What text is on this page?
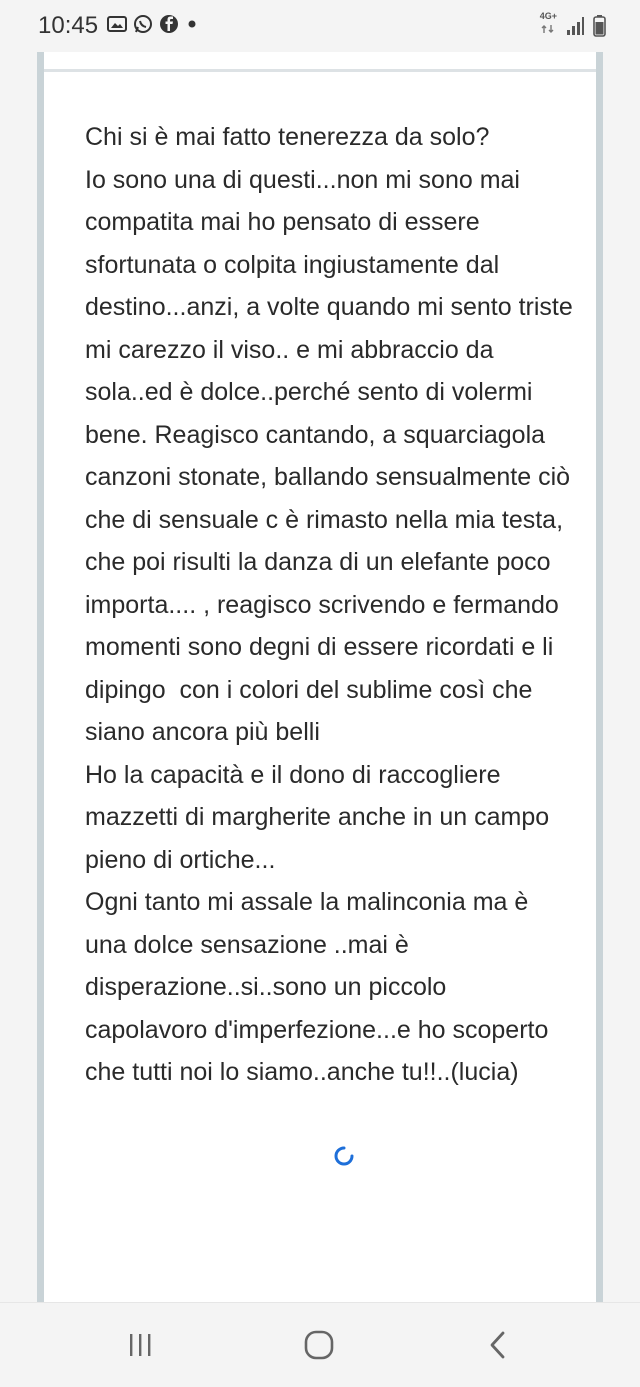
10:45	4G+

Chi si è mai fatto tenerezza da solo?
Io sono una di questi...non mi sono mai compatita mai ho pensato di essere sfortunata o colpita ingiustamente dal destino...anzi, a volte quando mi sento triste mi carezzo il viso.. e mi abbraccio da sola..ed è dolce..perché sento di volermi bene. Reagisco cantando, a squarciagola canzoni stonate, ballando sensualmente ciò che di sensuale c è rimasto nella mia testa, che poi risulti la danza di un elefante poco importa.... , reagisco scrivendo e fermando momenti sono degni di essere ricordati e li dipingo  con i colori del sublime così che siano ancora più belli
Ho la capacità e il dono di raccogliere mazzetti di margherite anche in un campo pieno di ortiche...
Ogni tanto mi assale la malinconia ma è una dolce sensazione ..mai è disperazione..si..sono un piccolo capolavoro d'imperfezione...e ho scoperto che tutti noi lo siamo..anche tu!!..(lucia)
